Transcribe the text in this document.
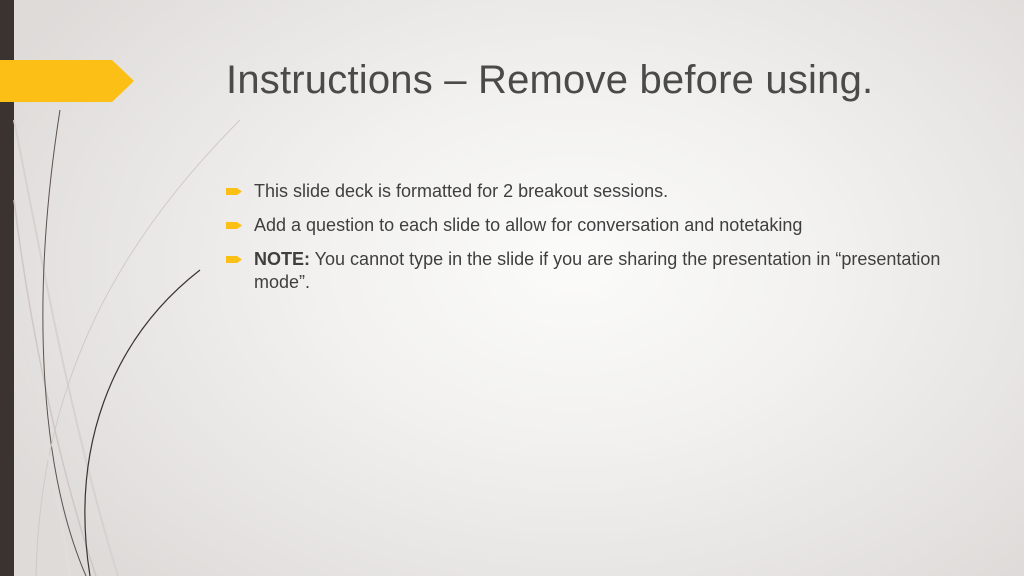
Instructions – Remove before using.
This slide deck is formatted for 2 breakout sessions.
Add a question to each slide to allow for conversation and notetaking
NOTE: You cannot type in the slide if you are sharing the presentation in “presentation mode”.
